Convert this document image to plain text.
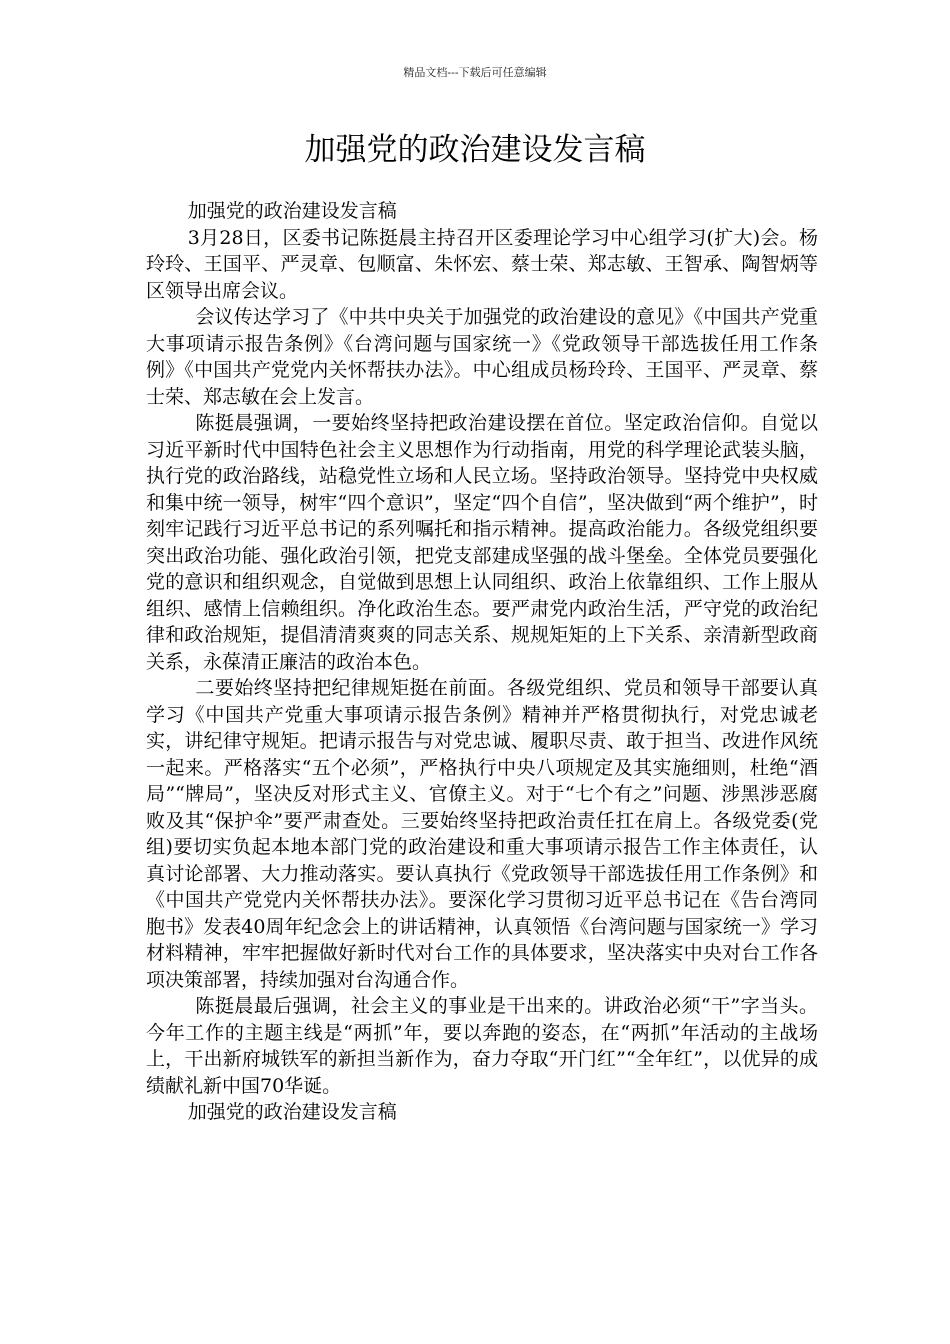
精品文档---下载后可任意编辑
加强党的政治建设发言稿

加强党的政治建设发言稿

3月28日，区委书记陈挺晨主持召开区委理论学习中心组学习(扩大)会。杨玲玲、王国平、严灵章、包顺富、朱怀宏、蔡士荣、郑志敏、王智承、陶智炳等区领导出席会议。

会议传达学习了《中共中央关于加强党的政治建设的意见》《中国共产党重大事项请示报告条例》《台湾问题与国家统一》《党政领导干部选拔任用工作条例》《中国共产党党内关怀帮扶办法》。中心组成员杨玲玲、王国平、严灵章、蔡士荣、郑志敏在会上发言。

陈挺晨强调，一要始终坚持把政治建设摆在首位。坚定政治信仰。自觉以习近平新时代中国特色社会主义思想作为行动指南，用党的科学理论武装头脑，执行党的政治路线，站稳党性立场和人民立场。坚持政治领导。坚持党中央权威和集中统一领导，树牢“四个意识”，坚定“四个自信”，坚决做到“两个维护”，时刻牢记践行习近平总书记的系列嘱托和指示精神。提高政治能力。各级党组织要突出政治功能、强化政治引领，把党支部建成坚强的战斗堡垒。全体党员要强化党的意识和组织观念，自觉做到思想上认同组织、政治上依靠组织、工作上服从组织、感情上信赖组织。净化政治生态。要严肃党内政治生活，严守党的政治纪律和政治规矩，提倡清清爽爽的同志关系、规规矩矩的上下关系、亲清新型政商关系，永葆清正廉洁的政治本色。

二要始终坚持把纪律规矩挺在前面。各级党组织、党员和领导干部要认真学习《中国共产党重大事项请示报告条例》精神并严格贯彻执行，对党忠诚老实，讲纪律守规矩。把请示报告与对党忠诚、履职尽责、敢于担当、改进作风统一起来。严格落实“五个必须”，严格执行中央八项规定及其实施细则，杜绝“酒局”“牌局”，坚决反对形式主义、官僚主义。对于“七个有之”问题、涉黑涉恶腐败及其“保护伞”要严肃查处。三要始终坚持把政治责任扛在肩上。各级党委(党组)要切实负起本地本部门党的政治建设和重大事项请示报告工作主体责任，认真讨论部署、大力推动落实。要认真执行《党政领导干部选拔任用工作条例》和《中国共产党党内关怀帮扶办法》。要深化学习贯彻习近平总书记在《告台湾同胞书》发表40周年纪念会上的讲话精神，认真领悟《台湾问题与国家统一》学习材料精神，牢牢把握做好新时代对台工作的具体要求，坚决落实中央对台工作各项决策部署，持续加强对台沟通合作。

陈挺晨最后强调，社会主义的事业是干出来的。讲政治必须“干”字当头。今年工作的主题主线是“两抓”年，要以奔跑的姿态，在“两抓”年活动的主战场上，干出新府城铁军的新担当新作为，奋力夺取“开门红”“全年红”，以优异的成绩献礼新中国70华诞。

加强党的政治建设发言稿
